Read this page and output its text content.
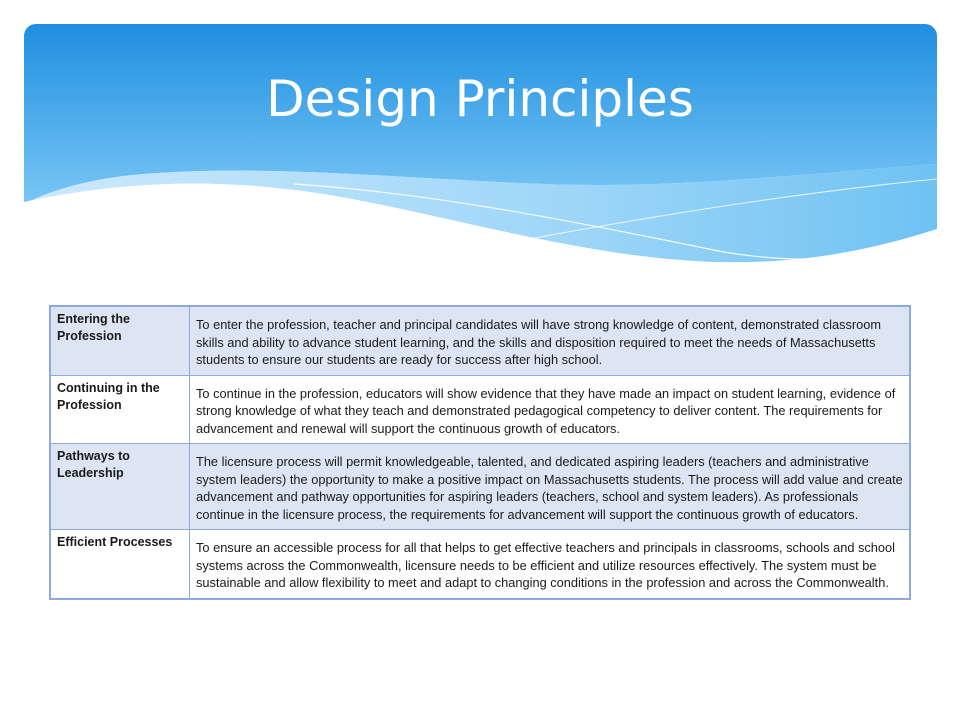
Design Principles
Entering the Profession	To enter the profession, teacher and principal candidates will have strong knowledge of content, demonstrated classroom skills and ability to advance student learning, and the skills and disposition required to meet the needs of Massachusetts students to ensure our students are ready for success after high school.
Continuing in the Profession	To continue in the profession, educators will show evidence that they have made an impact on student learning, evidence of strong knowledge of what they teach and demonstrated pedagogical competency to deliver content. The requirements for advancement and renewal will support the continuous growth of educators.
Pathways to Leadership	The licensure process will permit knowledgeable, talented, and dedicated aspiring leaders (teachers and administrative system leaders) the opportunity to make a positive impact on Massachusetts students. The process will add value and create advancement and pathway opportunities for aspiring leaders (teachers, school and system leaders). As professionals continue in the licensure process, the requirements for advancement will support the continuous growth of educators.
Efficient Processes	To ensure an accessible process for all that helps to get effective teachers and principals in classrooms, schools and school systems across the Commonwealth, licensure needs to be efficient and utilize resources effectively. The system must be sustainable and allow flexibility to meet and adapt to changing conditions in the profession and across the Commonwealth.
